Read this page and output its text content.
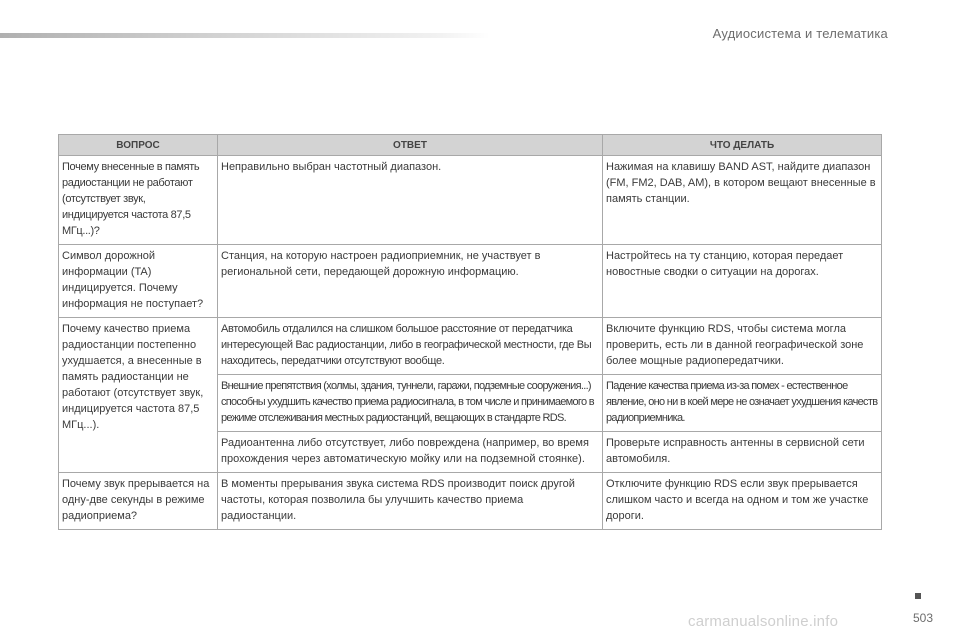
Аудиосистема и телематика
ВОПРОС	ОТВЕТ	ЧТО ДЕЛАТЬ
Почему внесенные в память радиостанции не работают (отсутствует звук, индицируется частота 87,5 МГц...)?	Неправильно выбран частотный диапазон.	Нажимая на клавишу BAND AST, найдите диапазон (FM, FM2, DAB, AM), в котором вещают внесенные в память станции.
Символ дорожной информации (TA) индицируется. Почему информация не поступает?	Станция, на которую настроен радиоприемник, не участвует в региональной сети, передающей дорожную информацию.	Настройтесь на ту станцию, которая передает новостные сводки о ситуации на дорогах.
Почему качество приема радиостанции постепенно ухудшается, а внесенные в память радиостанции не работают (отсутствует звук, индицируется частота 87,5 МГц...).	Автомобиль отдалился на слишком большое расстояние от передатчика интересующей Вас радиостанции, либо в географической местности, где Вы находитесь, передатчики отсутствуют вообще.	Включите функцию RDS, чтобы система могла проверить, есть ли в данной географической зоне более мощные радиопередатчики.
	Внешние препятствия (холмы, здания, туннели, гаражи, подземные сооружения...) способны ухудшить качество приема радиосигнала, в том числе и принимаемого в режиме отслеживания местных радиостанций, вещающих в стандарте RDS.	Падение качества приема из-за помех - естественное явление, оно ни в коей мере не означает ухудшения качеств радиоприемника.
	Радиоантенна либо отсутствует, либо повреждена (например, во время прохождения через автоматическую мойку или на подземной стоянке).	Проверьте исправность антенны в сервисной сети автомобиля.
Почему звук прерывается на одну-две секунды в режиме радиоприема?	В моменты прерывания звука система RDS производит поиск другой частоты, которая позволила бы улучшить качество приема радиостанции.	Отключите функцию RDS если звук прерывается слишком часто и всегда на одном и том же участке дороги.
carmanualsonline.info	503
